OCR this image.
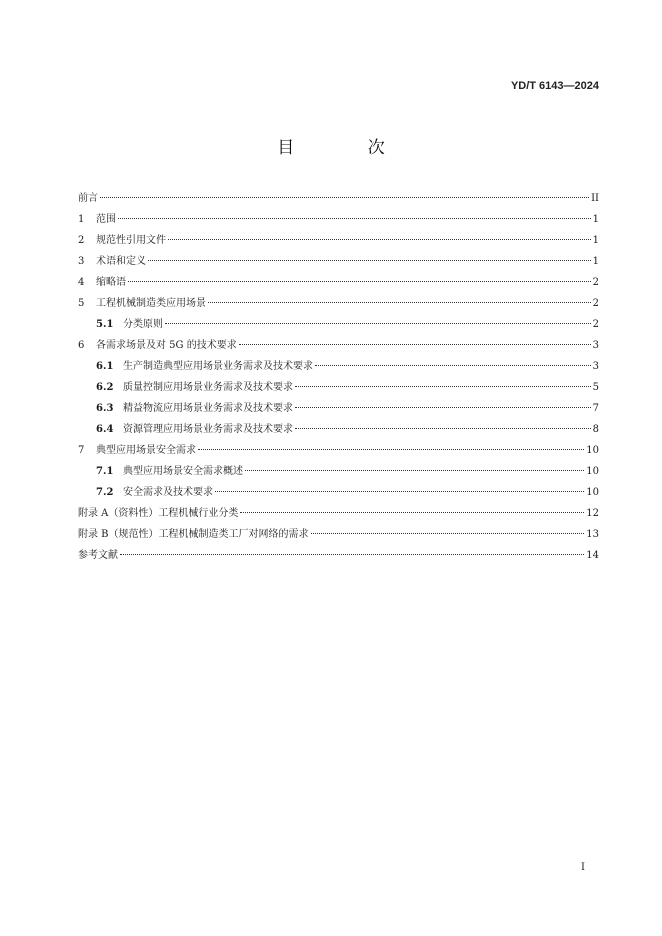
YD/T 6143—2024
目 次
前言	II
1	范围	1
2	规范性引用文件	1
3	术语和定义	1
4	缩略语	2
5	工程机械制造类应用场景	2
5.1 分类原则	2
6	各需求场景及对 5G 的技术要求	3
6.1 生产制造典型应用场景业务需求及技术要求	3
6.2 质量控制应用场景业务需求及技术要求	5
6.3 精益物流应用场景业务需求及技术要求	7
6.4 资源管理应用场景业务需求及技术要求	8
7	典型应用场景安全需求	10
7.1 典型应用场景安全需求概述	10
7.2 安全需求及技术要求	10
附录 A（资料性）工程机械行业分类	12
附录 B（规范性）工程机械制造类工厂对网络的需求	13
参考文献	14
I
